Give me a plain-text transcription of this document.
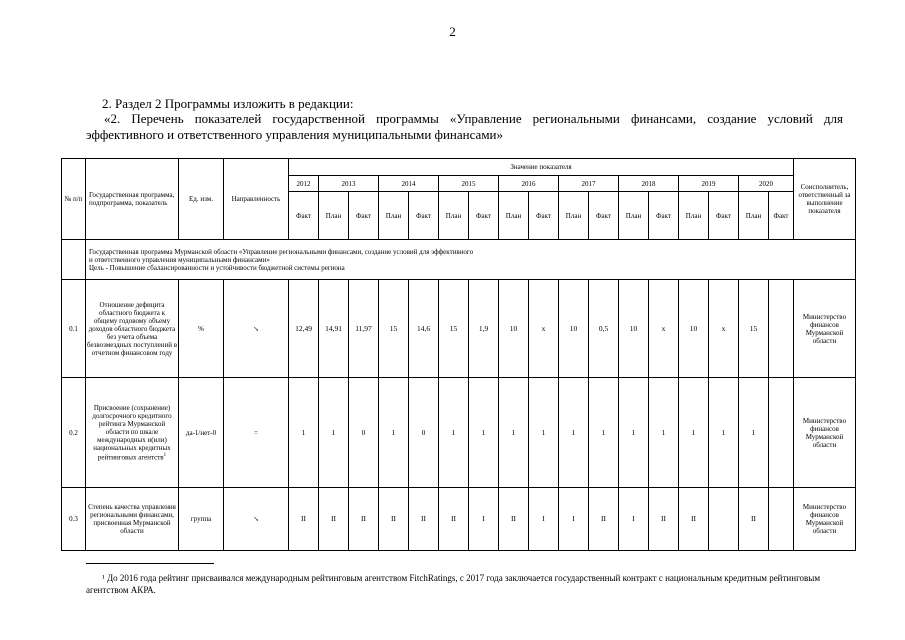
2
2. Раздел 2 Программы изложить в редакции:
«2. Перечень показателей государственной программы «Управление региональными финансами, создание условий для эффективного и ответственного управления муниципальными финансами»
№ п/п	Государственная программа, подпрограмма, показатель	Ед. изм.	Направленность	Значение показателя																	Соисполнитель, ответственный за выполнение показателя
				2012	2013		2014		2015		2016		2017		2018		2019		2020		
				Факт	План	Факт	План	Факт	План	Факт	План	Факт	План	Факт	План	Факт	План	Факт	План	Факт	

	Государственная программа Мурманской области «Управление региональными финансами, создание условий для эффективного
и ответственного управления муниципальными финансами»
Цель - Повышение сбалансированности и устойчивости бюджетной системы региона																				

0.1	Отношение дефицита областного бюджета к общему годовому объему доходов областного бюджета без учета объема безвозмездных поступлений в отчетном финансовом году	%	↘	12,49	14,91	11,97	15	14,6	15	1,9	10	x	10	0,5	10	x	10	x	15		Министерство финансов Мурманской области
0.2	Присвоение (сохранение) долгосрочного кредитного рейтинга Мурманской области по шкале международных и(или) национальных кредитных рейтинговых агентств$^1$	да-1/нет-0	=	1	1	0	1	0	1	1	1	1	1	1	1	1	1	1	1		Министерство финансов Мурманской области
0.3	Степень качества управления региональными финансами, присвоенная Мурманской области	группа	↘	II	II	II	II	II	II	I	II	I	I	II	I	II	II		II		Министерство финансов Мурманской области
¹ До 2016 года рейтинг присваивался международным рейтинговым агентством FitchRatings, с 2017 года заключается государственный контракт с национальным кредитным рейтинговым агентством АКРА.
